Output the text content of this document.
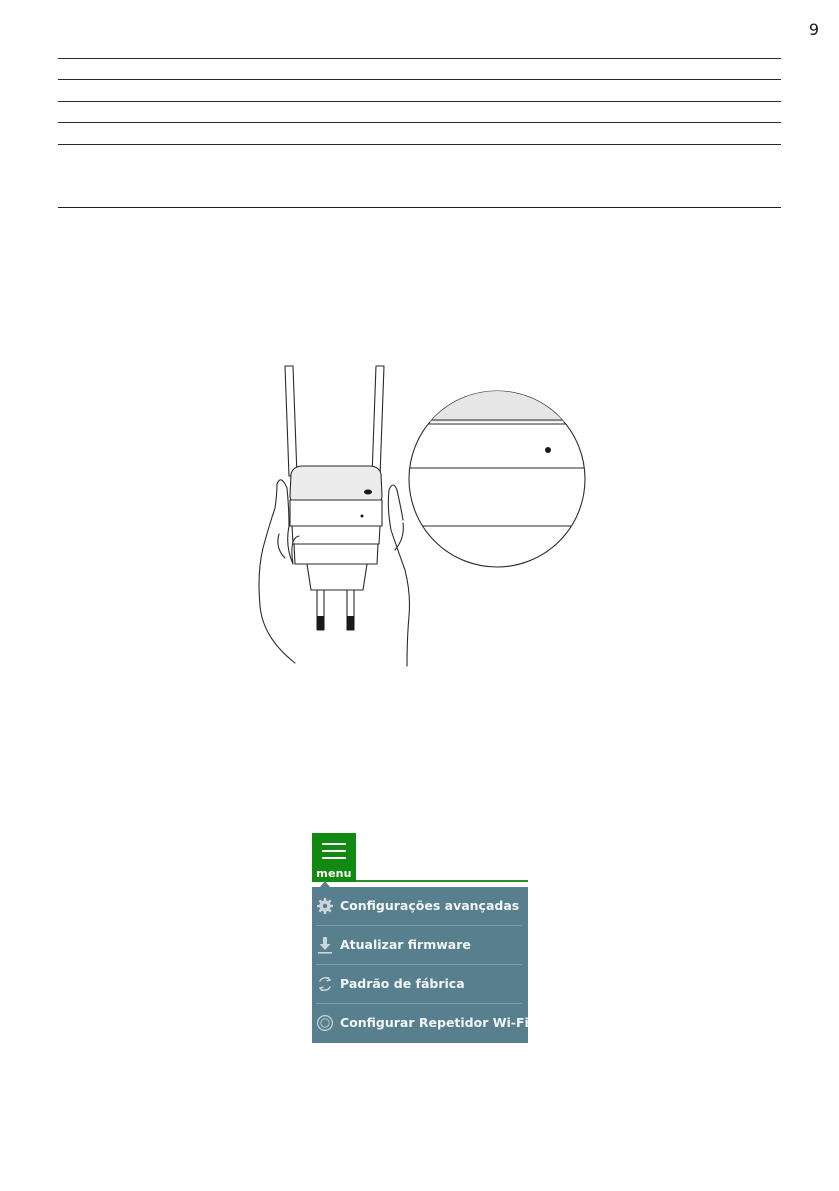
9
menu
Configurações avançadas
Atualizar firmware
Padrão de fábrica
Configurar Repetidor Wi-Fi
